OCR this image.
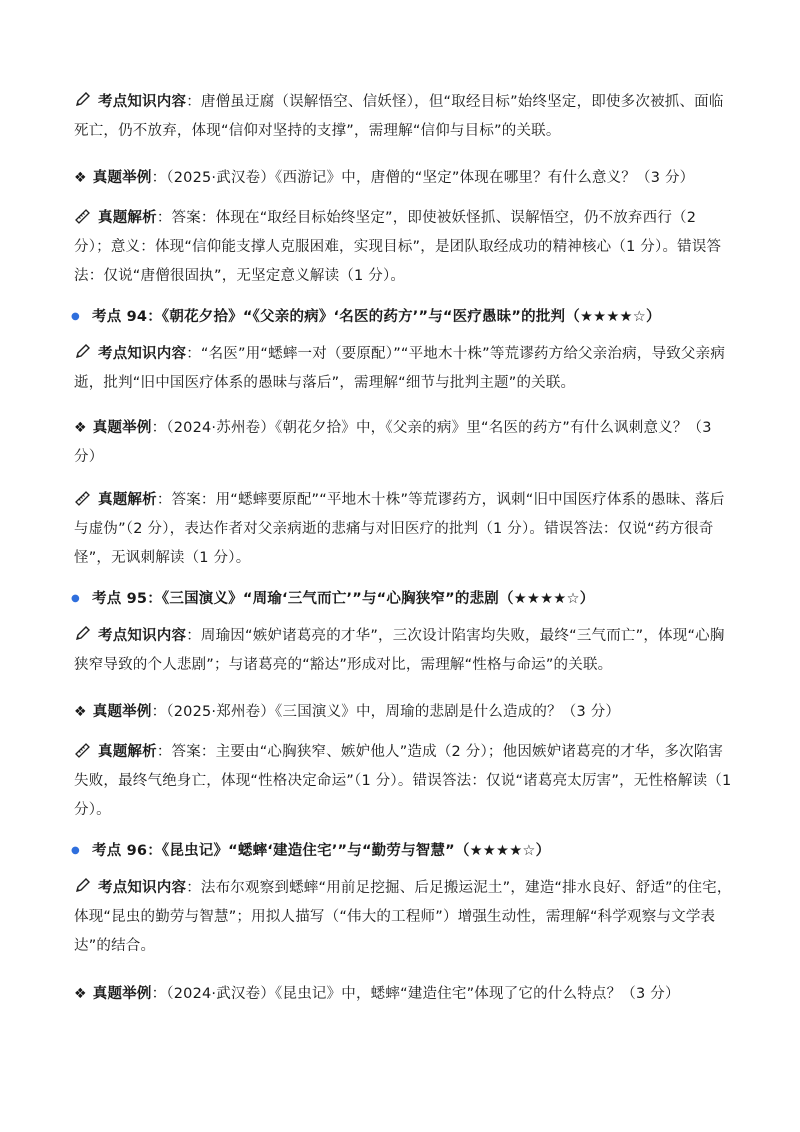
考点知识内容：唐僧虽迂腐（误解悟空、信妖怪），但“取经目标”始终坚定，即使多次被抓、面临死亡，仍不放弃，体现“信仰对坚持的支撑”，需理解“信仰与目标”的关联。
❖ 真题举例：（2025·武汉卷）《西游记》中，唐僧的“坚定”体现在哪里？有什么意义？（3 分）
真题解析：答案：体现在“取经目标始终坚定”，即使被妖怪抓、误解悟空，仍不放弃西行（2 分）；意义：体现“信仰能支撑人克服困难，实现目标”，是团队取经成功的精神核心（1 分）。错误答法：仅说“唐僧很固执”，无坚定意义解读（1 分）。
● 考点 94：《朝花夕拾》“《父亲的病》‘名医的药方’”与“医疗愚昧”的批判（★★★★☆）
考点知识内容：“名医”用“蟋蟀一对（要原配）”“平地木十株”等荒谬药方给父亲治病，导致父亲病逝，批判“旧中国医疗体系的愚昧与落后”，需理解“细节与批判主题”的关联。
❖ 真题举例：（2024·苏州卷）《朝花夕拾》中，《父亲的病》里“名医的药方”有什么讽刺意义？（3 分）
真题解析：答案：用“蟋蟀要原配”“平地木十株”等荒谬药方，讽刺“旧中国医疗体系的愚昧、落后与虚伪”（2 分），表达作者对父亲病逝的悲痛与对旧医疗的批判（1 分）。错误答法：仅说“药方很奇怪”，无讽刺解读（1 分）。
● 考点 95：《三国演义》“周瑜‘三气而亡’”与“心胸狭窄”的悲剧（★★★★☆）
考点知识内容：周瑜因“嫉妒诸葛亮的才华”，三次设计陷害均失败，最终“三气而亡”，体现“心胸狭窄导致的个人悲剧”；与诸葛亮的“豁达”形成对比，需理解“性格与命运”的关联。
❖ 真题举例：（2025·郑州卷）《三国演义》中，周瑜的悲剧是什么造成的？（3 分）
真题解析：答案：主要由“心胸狭窄、嫉妒他人”造成（2 分）；他因嫉妒诸葛亮的才华，多次陷害失败，最终气绝身亡，体现“性格决定命运”（1 分）。错误答法：仅说“诸葛亮太厉害”，无性格解读（1 分）。
● 考点 96：《昆虫记》“蟋蟀‘建造住宅’”与“勤劳与智慧”（★★★★☆）
考点知识内容：法布尔观察到蟋蟀“用前足挖掘、后足搬运泥土”，建造“排水良好、舒适”的住宅，体现“昆虫的勤劳与智慧”；用拟人描写（“伟大的工程师”）增强生动性，需理解“科学观察与文学表达”的结合。
❖ 真题举例：（2024·武汉卷）《昆虫记》中，蟋蟀“建造住宅”体现了它的什么特点？（3 分）
